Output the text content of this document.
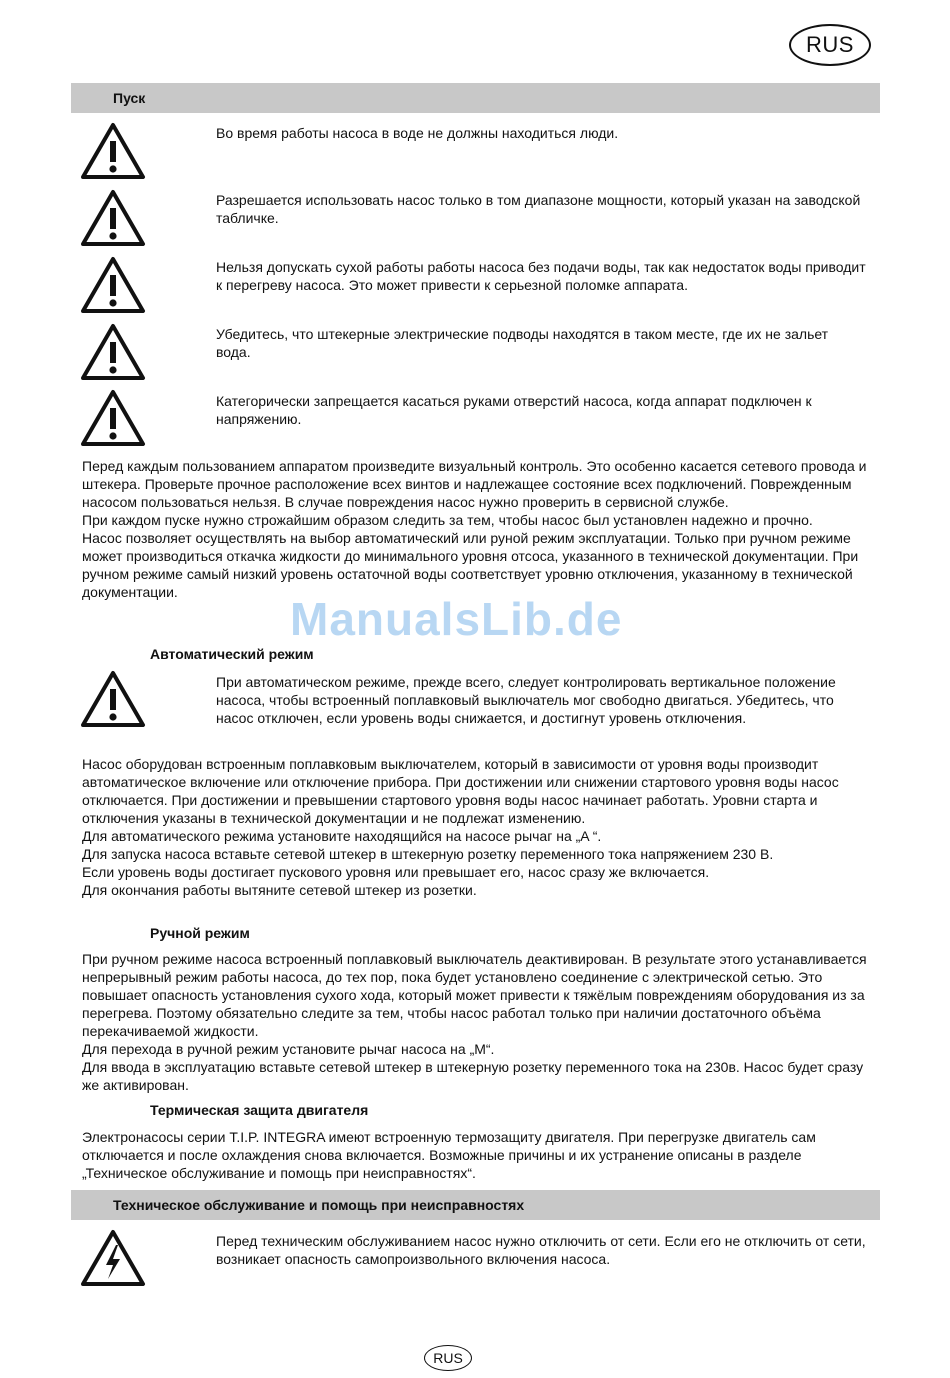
RUS
Пуск
Во время работы насоса в воде не должны находиться люди.
Разрешается использовать насос только в том диапазоне мощности, который указан на заводской табличке.
Нельзя допускать сухой работы работы насоса без подачи воды, так как недостаток воды приводит к перегреву насоса. Это может привести к серьезной поломке аппарата.
Убедитесь, что штекерные электрические подводы находятся в таком месте, где их не зальет вода.
Категорически запрещается касаться руками отверстий насоса, когда аппарат подключен к напряжению.

Перед каждым пользованием аппаратом произведите визуальный контроль. Это особенно касается сетевого провода и штекера. Проверьте прочное расположение всех винтов и надлежащее состояние всех подключений. Поврежденным насосом пользоваться нельзя. В случае повреждения насос нужно проверить в сервисной службе.

При каждом пуске нужно строжайшим образом следить за тем, чтобы насос был установлен надежно и прочно.

Насос позволяет осуществлять на выбор автоматический или руной режим эксплуатации. Только при ручном режиме может производиться откачка жидкости до минимального уровня отсоса, указанного в технической документации. При ручном режиме самый низкий уровень остаточной воды соответствует уровню отключения, указанному в технической документации.

ManualsLib.de
Автоматический режим
При автоматическом режиме, прежде всего, следует контролировать вертикальное положение насоса, чтобы встроенный поплавковый выключатель мог свободно двигаться. Убедитесь, что насос отключен, если уровень воды снижается, и достигнут уровень отключения.

Насос оборудован встроенным поплавковым выключателем, который в зависимости от уровня воды производит автоматическое включение или отключение прибора. При достижении или снижении стартового уровня воды насос отключается. При достижении и превышении стартового уровня воды насос начинает работать. Уровни старта и отключения указаны в технической документации и не подлежат изменению.

Для автоматического режима установите находящийся на насосе рычаг на „A “.

Для запуска насоса вставьте сетевой штекер в штекерную розетку переменного тока напряжением 230 В.

Если уровень воды достигает пускового уровня или превышает его, насос сразу же включается.

Для окончания работы вытяните сетевой штекер из розетки.

Ручной режим

При ручном режиме насоса встроенный поплавковый выключатель деактивирован. В результате этого устанавливается непрерывный режим работы насоса, до тех пор, пока будет установлено соединение с электрической сетью. Это повышает опасность установления сухого хода, который может привести к тяжёлым повреждениям оборудования из за перегрева. Поэтому обязательно следите за тем, чтобы насос работал только при наличии достаточного объёма перекачиваемой жидкости.

Для перехода в ручной режим установите рычаг насоса на „M“.

Для ввода в эксплуатацию вставьте сетевой штекер в штекерную розетку переменного тока на 230в. Насос будет сразу же активирован.

Термическая защита двигателя

Электронасосы серии T.I.P. INTEGRA имеют встроенную термозащиту двигателя. При перегрузке двигатель сам отключается и после охлаждения снова включается. Возможные причины и их устранение описаны в разделе „Техническое обслуживание и помощь при неисправностях“.

Техническое обслуживание и помощь при неисправностях
Перед техническим обслуживанием насос нужно отключить от сети. Если его не отключить от сети, возникает опасность самопроизвольного включения насоса.
RUS
